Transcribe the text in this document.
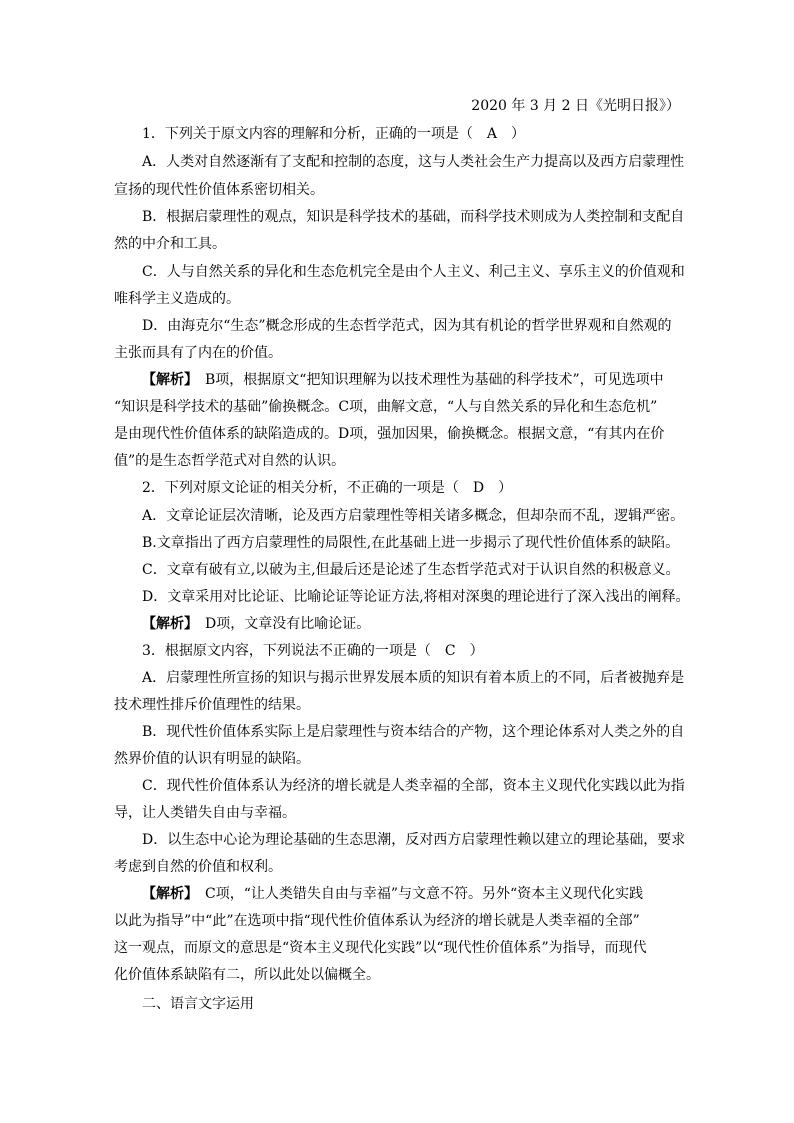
2020 年 3 月 2 日《光明日报》）
1．下列关于原文内容的理解和分析，正确的一项是（　A　）
A．人类对自然逐渐有了支配和控制的态度，这与人类社会生产力提高以及西方启蒙理性
宣扬的现代性价值体系密切相关。
B．根据启蒙理性的观点，知识是科学技术的基础，而科学技术则成为人类控制和支配自
然的中介和工具。
C．人与自然关系的异化和生态危机完全是由个人主义、利己主义、享乐主义的价值观和
唯科学主义造成的。
D．由海克尔“生态”概念形成的生态哲学范式，因为其有机论的哲学世界观和自然观的
主张而具有了内在的价值。
【解析】　B项，根据原文“把知识理解为以技术理性为基础的科学技术”，可见选项中
“知识是科学技术的基础”偷换概念。C项，曲解文意，“人与自然关系的异化和生态危机”
是由现代性价值体系的缺陷造成的。D项，强加因果，偷换概念。根据文意，“有其内在价
值”的是生态哲学范式对自然的认识。
2．下列对原文论证的相关分析，不正确的一项是（　D　）
A．文章论证层次清晰，论及西方启蒙理性等相关诸多概念，但却杂而不乱，逻辑严密。
B.文章指出了西方启蒙理性的局限性,在此基础上进一步揭示了现代性价值体系的缺陷。
C．文章有破有立,以破为主,但最后还是论述了生态哲学范式对于认识自然的积极意义。
D．文章采用对比论证、比喻论证等论证方法,将相对深奥的理论进行了深入浅出的阐释。
【解析】　D项，文章没有比喻论证。
3．根据原文内容，下列说法不正确的一项是（　C　）
A．启蒙理性所宣扬的知识与揭示世界发展本质的知识有着本质上的不同，后者被抛弃是
技术理性排斥价值理性的结果。
B．现代性价值体系实际上是启蒙理性与资本结合的产物，这个理论体系对人类之外的自
然界价值的认识有明显的缺陷。
C．现代性价值体系认为经济的增长就是人类幸福的全部，资本主义现代化实践以此为指
导，让人类错失自由与幸福。
D．以生态中心论为理论基础的生态思潮，反对西方启蒙理性赖以建立的理论基础，要求
考虑到自然的价值和权利。
【解析】　C项，“让人类错失自由与幸福”与文意不符。另外“资本主义现代化实践
以此为指导”中“此”在选项中指“现代性价值体系认为经济的增长就是人类幸福的全部”
这一观点，而原文的意思是“资本主义现代化实践”以“现代性价值体系”为指导，而现代
化价值体系缺陷有二，所以此处以偏概全。
二、语言文字运用
